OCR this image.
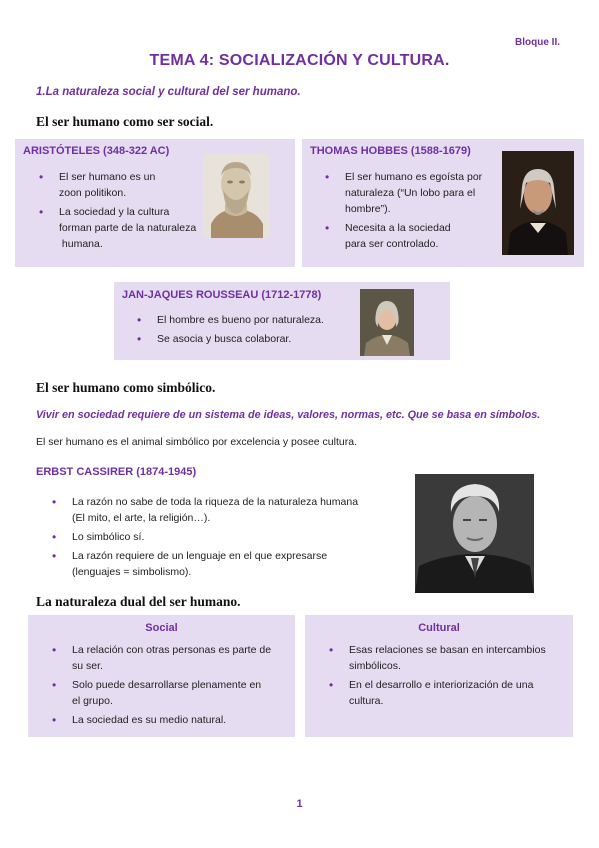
Bloque II.
TEMA 4: SOCIALIZACIÓN Y CULTURA.
1.La naturaleza social y cultural del ser humano.
El ser humano como ser social.
ARISTÓTELES (348-322 AC)
• El ser humano es un
zoon politikon.
• La sociedad y la cultura
forman parte de la naturaleza
humana.
THOMAS HOBBES (1588-1679)
• El ser humano es egoísta por
naturaleza (“Un lobo para el
hombre”).
• Necesita a la sociedad
para ser controlado.
JAN-JAQUES ROUSSEAU (1712-1778)
• El hombre es bueno por naturaleza.
• Se asocia y busca colaborar.
El ser humano como simbólico.
Vivir en sociedad requiere de un sistema de ideas, valores, normas, etc. Que se basa en símbolos.
El ser humano es el animal simbólico por excelencia y posee cultura.
ERBST CASSIRER (1874-1945)
• La razón no sabe de toda la riqueza de la naturaleza humana
(El mito, el arte, la religión…).
• Lo simbólico sí.
• La razón requiere de un lenguaje en el que expresarse
(lenguajes = simbolismo).
La naturaleza dual del ser humano.
Social
• La relación con otras personas es parte de
su ser.
• Solo puede desarrollarse plenamente en
el grupo.
• La sociedad es su medio natural.
Cultural
• Esas relaciones se basan en intercambios
simbólicos.
• En el desarrollo e interiorización de una
cultura.
1
